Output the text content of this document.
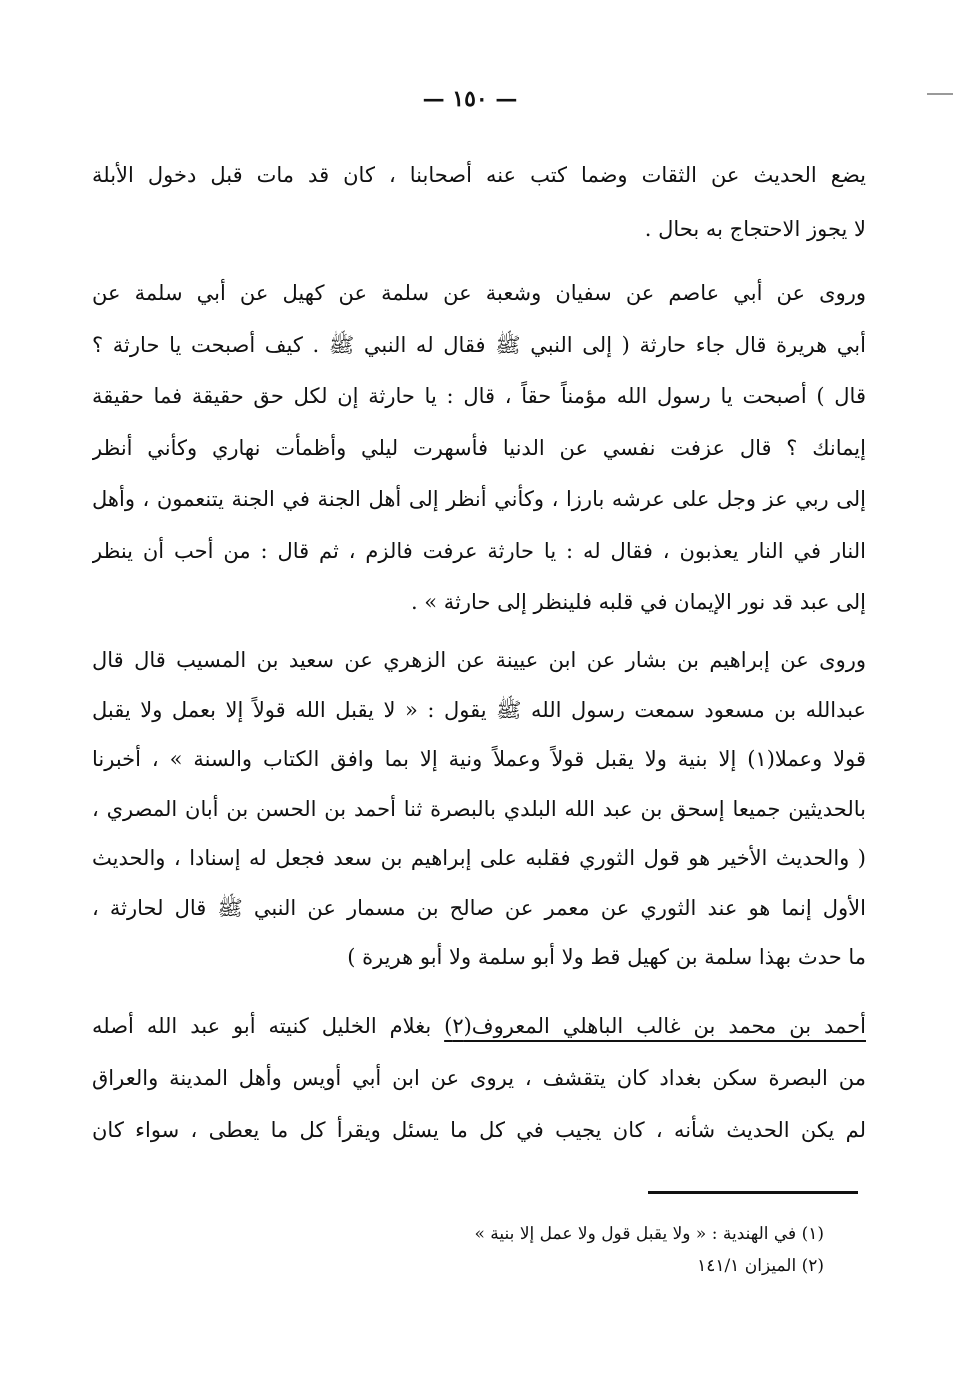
— ١٥٠ —
يضع الحديث عن الثقات وضما كتب عنه أصحابنا ، كان قد مات قبل دخول الأبلة
لا يجوز الاحتجاج به بحال .
وروى عن أبي عاصم عن سفيان وشعبة عن سلمة عن كهيل عن أبي سلمة عن
أبي هريرة قال جاء حارثة ( إلى النبي ﷺ فقال له النبي ﷺ . كيف أصبحت يا حارثة ؟
قال ) أصبحت يا رسول الله مؤمناً حقاً ، قال : يا حارثة إن لكل حق حقيقة فما حقيقة
إيمانك ؟ قال عزفت نفسي عن الدنيا فأسهرت ليلي وأظمأت نهاري وكأني أنظر
إلى ربي عز وجل على عرشه بارزا ، وكأني أنظر إلى أهل الجنة في الجنة يتنعمون ، وأهل
النار في النار يعذبون ، فقال له : يا حارثة عرفت فالزم ، ثم قال : من أحب أن ينظر
إلى عبد قد نور الإيمان في قلبه فلينظر إلى حارثة » .
وروى عن إبراهيم بن بشار عن ابن عيينة عن الزهري عن سعيد بن المسيب قال قال
عبدالله بن مسعود سمعت رسول الله ﷺ يقول : « لا يقبل الله قولاً إلا بعمل ولا يقبل
قولا وعملا(١) إلا بنية ولا يقبل قولاً وعملاً ونية إلا بما وافق الكتاب والسنة » ، أخبرنا
بالحديثين جميعا إسحق بن عبد الله البلدي بالبصرة ثنا أحمد بن الحسن بن أبان المصري ،
( والحديث الأخير هو قول الثوري فقلبه على إبراهيم بن سعد فجعل له إسنادا ، والحديث
الأول إنما هو عند الثوري عن معمر عن صالح بن مسمار عن النبي ﷺ قال لحارثة ،
ما حدث بهذا سلمة بن كهيل قط ولا أبو سلمة ولا أبو هريرة )
أحمد بن محمد بن غالب الباهلي المعروف(٢) بغلام الخليل كنيته أبو عبد الله أصله
من البصرة سكن بغداد كان يتقشف ، يروى عن ابن أبي أويس وأهل المدينة والعراق
لم يكن الحديث شأنه ، كان يجيب في كل ما يسئل ويقرأ كل ما يعطى ، سواء كان
(١) في الهندية : « ولا يقبل قول ولا عمل إلا بنية »
(٢) الميزان ١٤١/١
